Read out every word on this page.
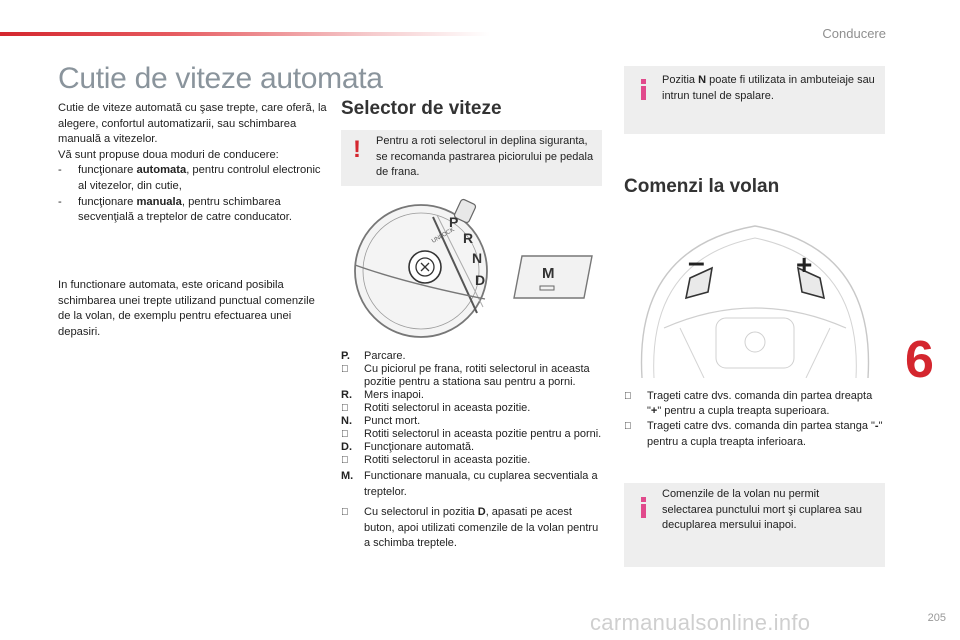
Conducere
Cutie de viteze automata

Cutie de viteze automată cu şase trepte, care oferă, la alegere, confortul automatizarii, sau schimbarea manuală a vitezelor.

Vă sunt propuse doua moduri de conducere:

- funcţionare automata, pentru controlul electronic al vitezelor, din cutie,
- funcţionare manuala, pentru schimbarea secvenţială a treptelor de catre conducator.
In functionare automata, este oricand posibila schimbarea unei trepte utilizand punctual comenzile de la volan, de exemplu pentru efectuarea unei depasiri.
Selector de viteze
! Pentru a roti selectorul in deplina siguranta, se recomanda pastrarea piciorului pe pedala de frana.
UNLOCK
P
R
N
D	M
P. Parcare.
Cu piciorul pe frana, rotiti selectorul in aceasta pozitie pentru a stationa sau pentru a porni.
R. Mers inapoi.
Rotiti selectorul in aceasta pozitie.
N. Punct mort.
Rotiti selectorul in aceasta pozitie pentru a porni.
D. Funcţionare automată.
Rotiti selectorul in aceasta pozitie.
M. Functionare manuala, cu cuplarea secventiala a treptelor.
Cu selectorul in pozitia D, apasati pe acest buton, apoi utilizati comenzile de la volan pentru a schimba treptele.
Pozitia N poate fi utilizata in ambuteiaje sau intrun tunel de spalare.
Comenzi la volan
–	+
Trageti catre dvs. comanda din partea dreapta "+" pentru a cupla treapta superioara.
Trageti catre dvs. comanda din partea stanga "-" pentru a cupla treapta inferioara.
Comenzile de la volan nu permit selectarea punctului mort şi cuplarea sau decuplarea mersului inapoi.
6
carmanualsonline.info	205
